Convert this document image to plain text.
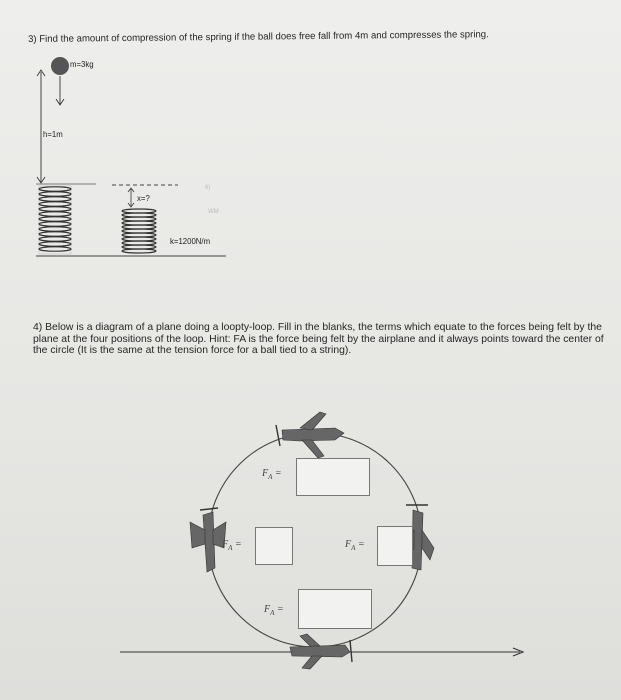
3) Find the amount of compression of the spring if the ball does free fall from 4m and compresses the spring.
6)
WM
m=3kg
h=1m
x=?
k=1200N/m
4) Below is a diagram of a plane doing a loopty-loop. Fill in the blanks, the terms which equate to the forces being felt by the plane at the four positions of the loop. Hint: FA is the force being felt by the airplane and it always points toward the center of the circle (It is the same at the tension force for a ball tied to a string).
$F_A$ =
$F_A$ =	$F_A$ =
$F_A$ =
